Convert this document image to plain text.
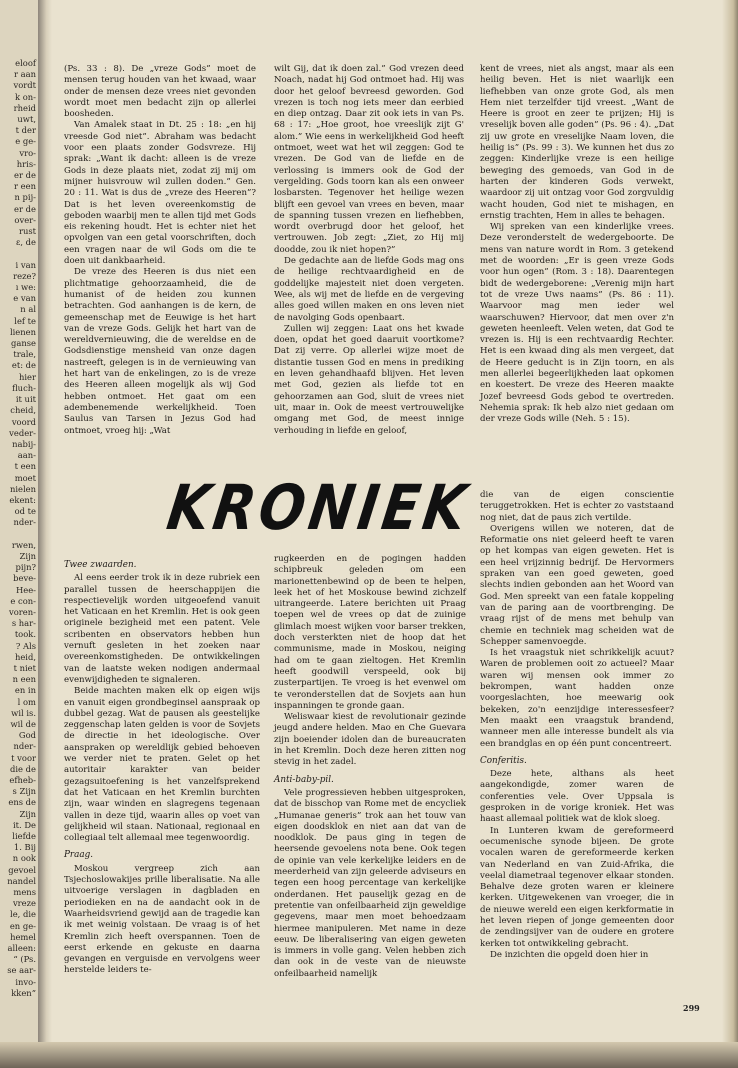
eloof
r aan
vordt
k on-
rheid
uwt,
t der
e ge-
vro-
hris-
er de
r een
n pij-
er de
over-
rust
ɛ, de

i van
reze?
ı we:
e van
n al
lef te
lienen
ganse
trale,
et: de
hier
fluch-
it uit
cheid,
voord
veder-
nabij-
aan-
t een
moet
nielen
ekent:
od te
nder-

rwen,
Zijn
pijn?
beve-
Hee-
e con-
voren-
s har-
took.
? Als
heid,
t niet
n een
en in
l om
wil is.
wil de
God
nder-
t voor
die de
efheb-
s Zijn
ens de
Zijn
it. De
liefde
1. Bij
n ook
gevoel
nandel
mens
vreze
le, die
en ge-
hemel
alleen:
“ (Ps.
se aar-
invo-
kken”

(Ps. 33 : 8). De „vreze Gods” moet de mensen terug houden van het kwaad, waar onder de mensen deze vrees niet gevonden wordt moet men bedacht zijn op allerlei boosheden.

Van Amalek staat in Dt. 25 : 18: „en hij vreesde God niet”. Abraham was bedacht voor een plaats zonder Godsvreze. Hij sprak: „Want ik dacht: alleen is de vreze Gods in deze plaats niet, zodat zij mij om mijner huisvrouw wil zullen doden.” Gen. 20 : 11. Wat is dus de „vreze des Heeren”? Dat is het leven overeenkomstig de geboden waarbij men te allen tijd met Gods eis rekening houdt. Het is echter niet het opvolgen van een getal voorschriften, doch een vragen naar de wil Gods om die te doen uit dankbaarheid.

De vreze des Heeren is dus niet een plichtmatige gehoorzaamheid, die de humanist of de heiden zou kunnen betrachten. God aanhangen is de kern, de gemeenschap met de Eeuwige is het hart van de vreze Gods. Gelijk het hart van de wereldvernieuwing, die de wereldse en de Godsdienstige mensheid van onze dagen nastreeft, gelegen is in de vernieuwing van het hart van de enkelingen, zo is de vreze des Heeren alleen mogelijk als wij God hebben ontmoet. Het gaat om een adembenemende werkelijkheid. Toen Saulus van Tarsen in Jezus God had ontmoet, vroeg hij: „Wat

wilt Gij, dat ik doen zal.” God vrezen deed Noach, nadat hij God ontmoet had. Hij was door het geloof bevreesd geworden. God vrezen is toch nog iets meer dan eerbied en diep ontzag. Daar zit ook iets in van Ps. 68 : 17: „Hoe groot, hoe vreeslijk zijt G' alom.” Wie eens in werkelijkheid God heeft ontmoet, weet wat het wil zeggen: God te vrezen. De God van de liefde en de verlossing is immers ook de God der vergelding. Gods toorn kan als een onweer losbarsten. Tegenover het heilige wezen blijft een gevoel van vrees en beven, maar de spanning tussen vrezen en liefhebben, wordt overbrugd door het geloof, het vertrouwen. Job zegt: „Ziet, zo Hij mij doodde, zou ik niet hopen?”

De gedachte aan de liefde Gods mag ons de heilige rechtvaardigheid en de goddelijke majesteit niet doen vergeten. Wee, als wij met de liefde en de vergeving alles goed willen maken en ons leven niet de navolging Gods openbaart.

Zullen wij zeggen: Laat ons het kwade doen, opdat het goed daaruit voortkome? Dat zij verre. Op allerlei wijze moet de distantie tussen God en mens in prediking en leven gehandhaafd blijven. Het leven met God, gezien als liefde tot en gehoorzamen aan God, sluit de vrees niet uit, maar in. Ook de meest vertrouwelijke omgang met God, de meest innige verhouding in liefde en geloof,

kent de vrees, niet als angst, maar als een heilig beven. Het is niet waarlijk een liefhebben van onze grote God, als men Hem niet terzelfder tijd vreest. „Want de Heere is groot en zeer te prijzen; Hij is vreselijk boven alle goden” (Ps. 96 : 4). „Dat zij uw grote en vreselijke Naam loven, die heilig is” (Ps. 99 : 3). We kunnen het dus zo zeggen: Kinderlijke vreze is een heilige beweging des gemoeds, van God in de harten der kinderen Gods verwekt, waardoor zij uit ontzag voor God zorgvuldig wacht houden, God niet te mishagen, en ernstig trachten, Hem in alles te behagen.

Wij spreken van een kinderlijke vrees. Deze veronderstelt de wedergeboorte. De mens van nature wordt in Rom. 3 getekend met de woorden: „Er is geen vreze Gods voor hun ogen” (Rom. 3 : 18). Daarentegen bidt de wedergeborene: „Verenig mijn hart tot de vreze Uws naams” (Ps. 86 : 11). Waarvoor mag men ieder wel waarschuwen? Hiervoor, dat men over z'n geweten heenleeft. Velen weten, dat God te vrezen is. Hij is een rechtvaardig Rechter. Het is een kwaad ding als men vergeet, dat de Heere geducht is in Zijn toorn, en als men allerlei begeerlijkheden laat opkomen en koestert. De vreze des Heeren maakte Jozef bevreesd Gods gebod te overtreden. Nehemia sprak: Ik heb alzo niet gedaan om der vreze Gods wille (Neh. 5 : 15).

KRONIEK
Twee zwaarden.

Al eens eerder trok ik in deze rubriek een parallel tussen de heerschappijen die respectievelijk worden uitgeoefend vanuit het Vaticaan en het Kremlin. Het is ook geen originele bezigheid met een patent. Vele scribenten en observators hebben hun vernuft gesleten in het zoeken naar overeenkomstigheden. De ontwikkelingen van de laatste weken nodigen andermaal evenwijdigheden te signaleren.

Beide machten maken elk op eigen wijs en vanuit eigen grondbeginsel aanspraak op dubbel gezag. Wat de pausen als geestelijke zeggenschap laten gelden is voor de Sovjets de directie in het ideologische. Over aanspraken op wereldlijk gebied behoeven we verder niet te praten. Gelet op het autoritair karakter van beider gezagsuitoefening is het vanzelfsprekend dat het Vaticaan en het Kremlin burchten zijn, waar winden en slagregens tegenaan vallen in deze tijd, waarin alles op voet van gelijkheid wil staan. Nationaal, regionaal en collegiaal telt allemaal mee tegenwoordig.

Praag.

Moskou vergreep zich aan Tsjechoslowakijes prille liberalisatie. Na alle uitvoerige verslagen in dagbladen en periodieken en na de aandacht ook in de Waarheidsvriend gewijd aan de tragedie kan ik met weinig volstaan. De vraag is of het Kremlin zich heeft overspannen. Toen de eerst erkende en gekuste en daarna gevangen en verguisde en vervolgens weer herstelde leiders te-

rugkeerden en de pogingen hadden schipbreuk geleden om een marionettenbewind op de been te helpen, leek het of het Moskouse bewind zichzelf uitrangeerde. Latere berichten uit Praag toepen wel de vrees op dat de zuinige glimlach moest wijken voor barser trekken, doch versterkten niet de hoop dat het communisme, made in Moskou, neiging had om te gaan zieltogen. Het Kremlin heeft goodwill verspeeld, ook bij zusterpartijen. Te vroeg is het evenwel om te veronderstellen dat de Sovjets aan hun inspanningen te gronde gaan.

Weliswaar kiest de revolutionair gezinde jeugd andere helden. Mao en Che Guevara zijn boeiender idolen dan de bureaucraten in het Kremlin. Doch deze heren zitten nog stevig in het zadel.

Anti-baby-pil.

Vele progressieven hebben uitgesproken, dat de bisschop van Rome met de encycliek „Humanae generis” trok aan het touw van eigen doodsklok en niet aan dat van de noodklok. De paus ging in tegen de heersende gevoelens nota bene. Ook tegen de opinie van vele kerkelijke leiders en de meerderheid van zijn geleerde adviseurs en tegen een hoog percentage van kerkelijke onderdanen. Het pauselijk gezag en de pretentie van onfeilbaarheid zijn geweldige gegevens, maar men moet behoedzaam hiermee manipuleren. Met name in deze eeuw. De liberalisering van eigen geweten is immers in volle gang. Velen hebben zich dan ook in de veste van de nieuwste onfeilbaarheid namelijk

die van de eigen conscientie teruggetrokken. Het is echter zo vaststaand nog niet, dat de paus zich vertilde.

Overigens willen we noteren, dat de Reformatie ons niet geleerd heeft te varen op het kompas van eigen geweten. Het is een heel vrijzinnig bedrijf. De Hervormers spraken van een goed geweten, goed slechts indien gebonden aan het Woord van God. Men spreekt van een fatale koppeling van de paring aan de voortbrenging. De vraag rijst of de mens met behulp van chemie en techniek mag scheiden wat de Schepper samenvoegde.

Is het vraagstuk niet schrikkelijk acuut? Waren de problemen ooit zo actueel? Maar waren wij mensen ook immer zo bekrompen, want hadden onze voorgeslachten, hoe meewarig ook bekeken, zo'n eenzijdige interessesfeer? Men maakt een vraagstuk brandend, wanneer men alle interesse bundelt als via een brandglas en op één punt concentreert.

Conferitis.

Deze hete, althans als heet aangekondigde, zomer waren de conferenties vele. Over Uppsala is gesproken in de vorige kroniek. Het was haast allemaal politiek wat de klok sloeg.

In Lunteren kwam de gereformeerd oecumenische synode bijeen. De grote vocalen waren de gereformeerde kerken van Nederland en van Zuid-Afrika, die veelal diametraal tegenover elkaar stonden. Behalve deze groten waren er kleinere kerken. Uitgewekenen van vroeger, die in de nieuwe wereld een eigen kerkformatie in het leven riepen of jonge gemeenten door de zendingsijver van de oudere en grotere kerken tot ontwikkeling gebracht.

De inzichten die opgeld doen hier in

299
